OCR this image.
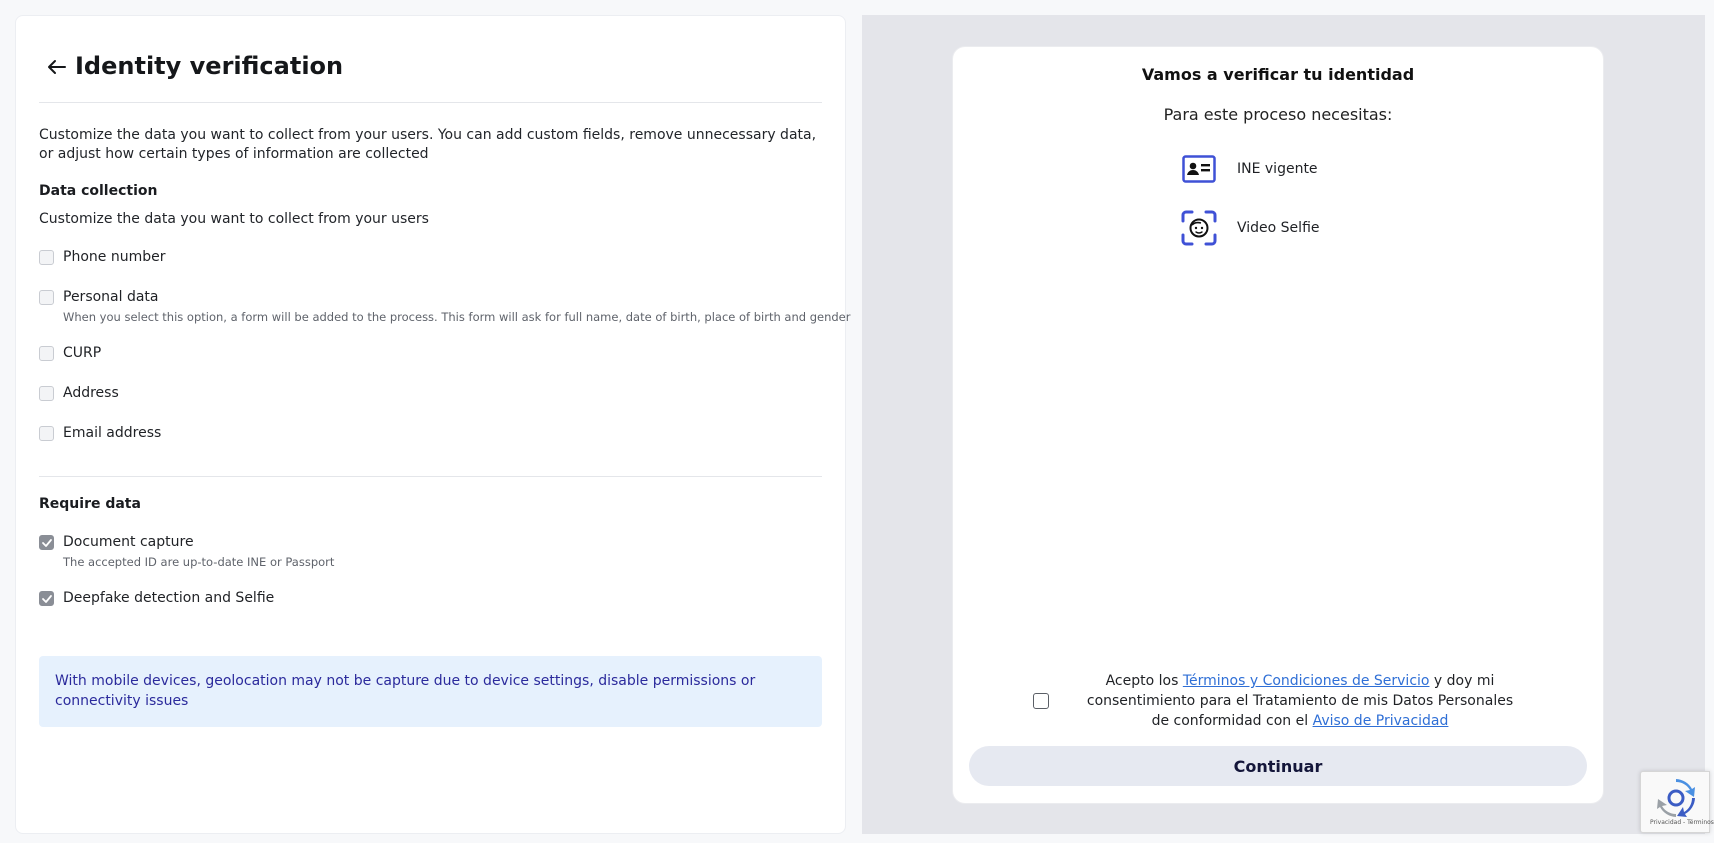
Identity verification
Customize the data you want to collect from your users. You can add custom fields, remove unnecessary data, or adjust how certain types of information are collected
Data collection
Customize the data you want to collect from your users
Phone number
Personal data
When you select this option, a form will be added to the process. This form will ask for full name, date of birth, place of birth and gender
CURP
Address
Email address
Require data
Document capture
The accepted ID are up-to-date INE or Passport
Deepfake detection and Selfie
With mobile devices, geolocation may not be capture due to device settings, disable permissions or connectivity issues
Vamos a verificar tu identidad
Para este proceso necesitas:
INE vigente
Video Selfie
Acepto los Términos y Condiciones de Servicio y doy mi consentimiento para el Tratamiento de mis Datos Personales de conformidad con el Aviso de Privacidad
Continuar
Privacidad - Términos
